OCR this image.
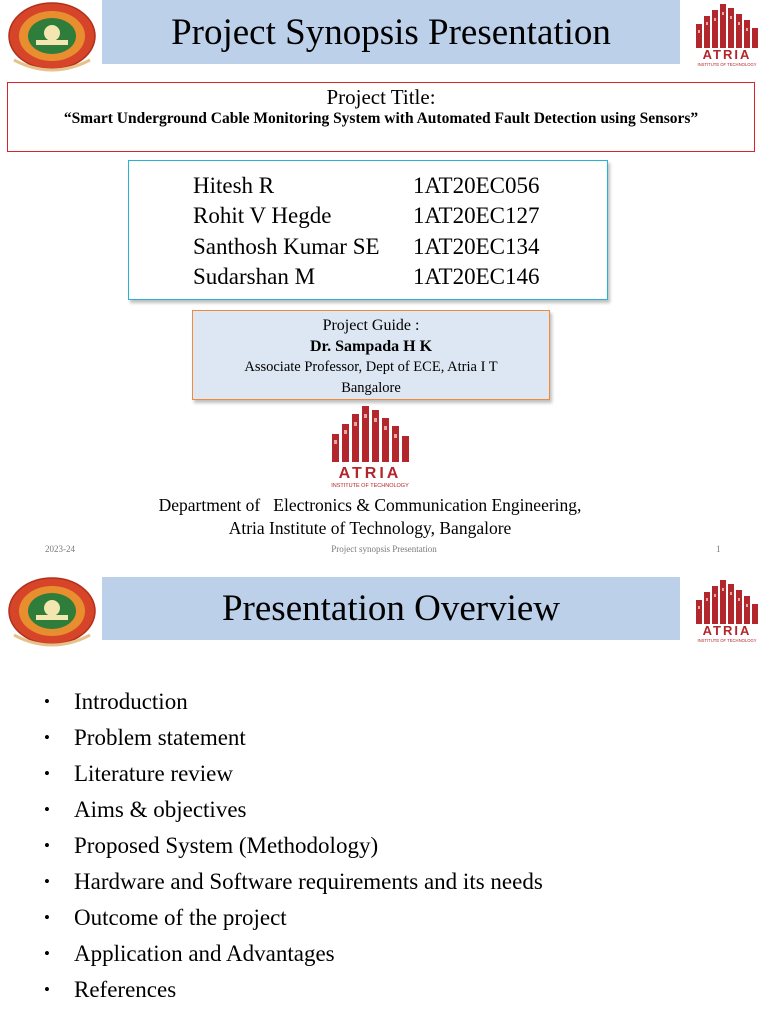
Project Synopsis Presentation
ATRIA
INSTITUTE OF TECHNOLOGY
Project Title:
“Smart Underground Cable Monitoring System with Automated Fault Detection using Sensors”
Hitesh R	1AT20EC056
Rohit V Hegde	1AT20EC127
Santhosh Kumar SE 1AT20EC134
Sudarshan M	1AT20EC146
Project Guide :
Dr. Sampada H K
Associate Professor, Dept of ECE, Atria I T
Bangalore
ATRIA
INSTITUTE OF TECHNOLOGY
Department of   Electronics & Communication Engineering,
Atria Institute of Technology, Bangalore
2023-24	Project synopsis Presentation	1
Presentation Overview
ATRIA
INSTITUTE OF TECHNOLOGY
• Introduction
• Problem statement
• Literature review
• Aims & objectives
• Proposed System (Methodology)
• Hardware and Software requirements and its needs
• Outcome of the project
• Application and Advantages
• References
